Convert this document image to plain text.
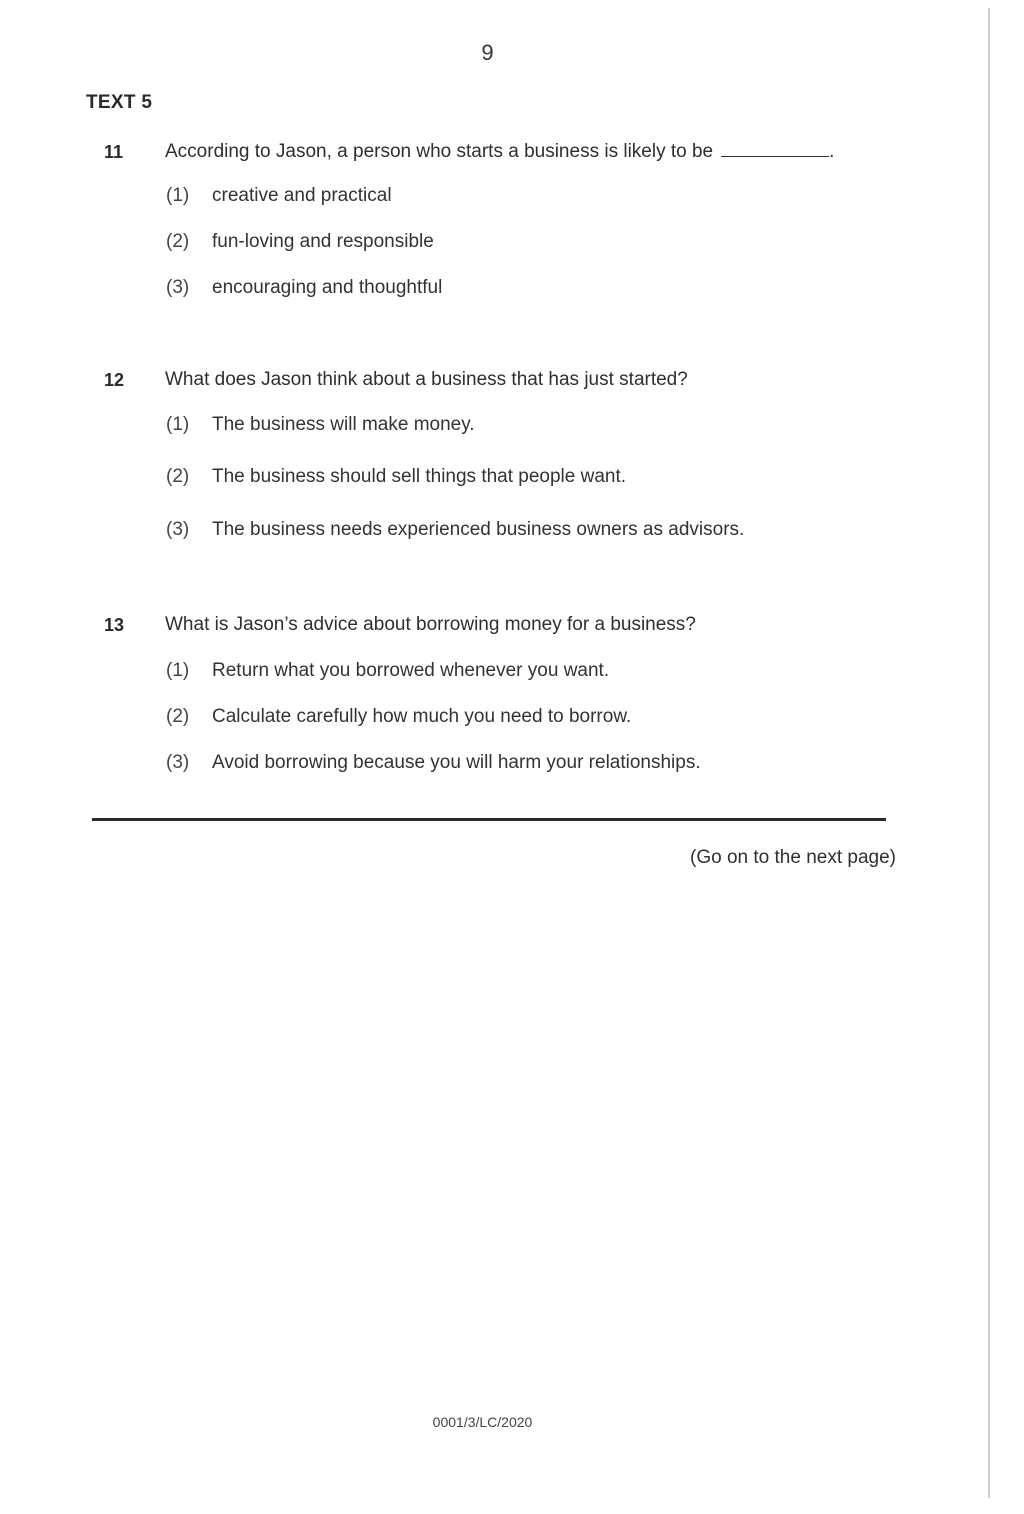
9
TEXT 5
11 According to Jason, a person who starts a business is likely to be	.
(1) creative and practical
(2) fun-loving and responsible
(3) encouraging and thoughtful
12 What does Jason think about a business that has just started?
(1) The business will make money.
(2) The business should sell things that people want.
(3) The business needs experienced business owners as advisors.
13 What is Jason’s advice about borrowing money for a business?
(1) Return what you borrowed whenever you want.
(2) Calculate carefully how much you need to borrow.
(3) Avoid borrowing because you will harm your relationships.
(Go on to the next page)
0001/3/LC/2020
